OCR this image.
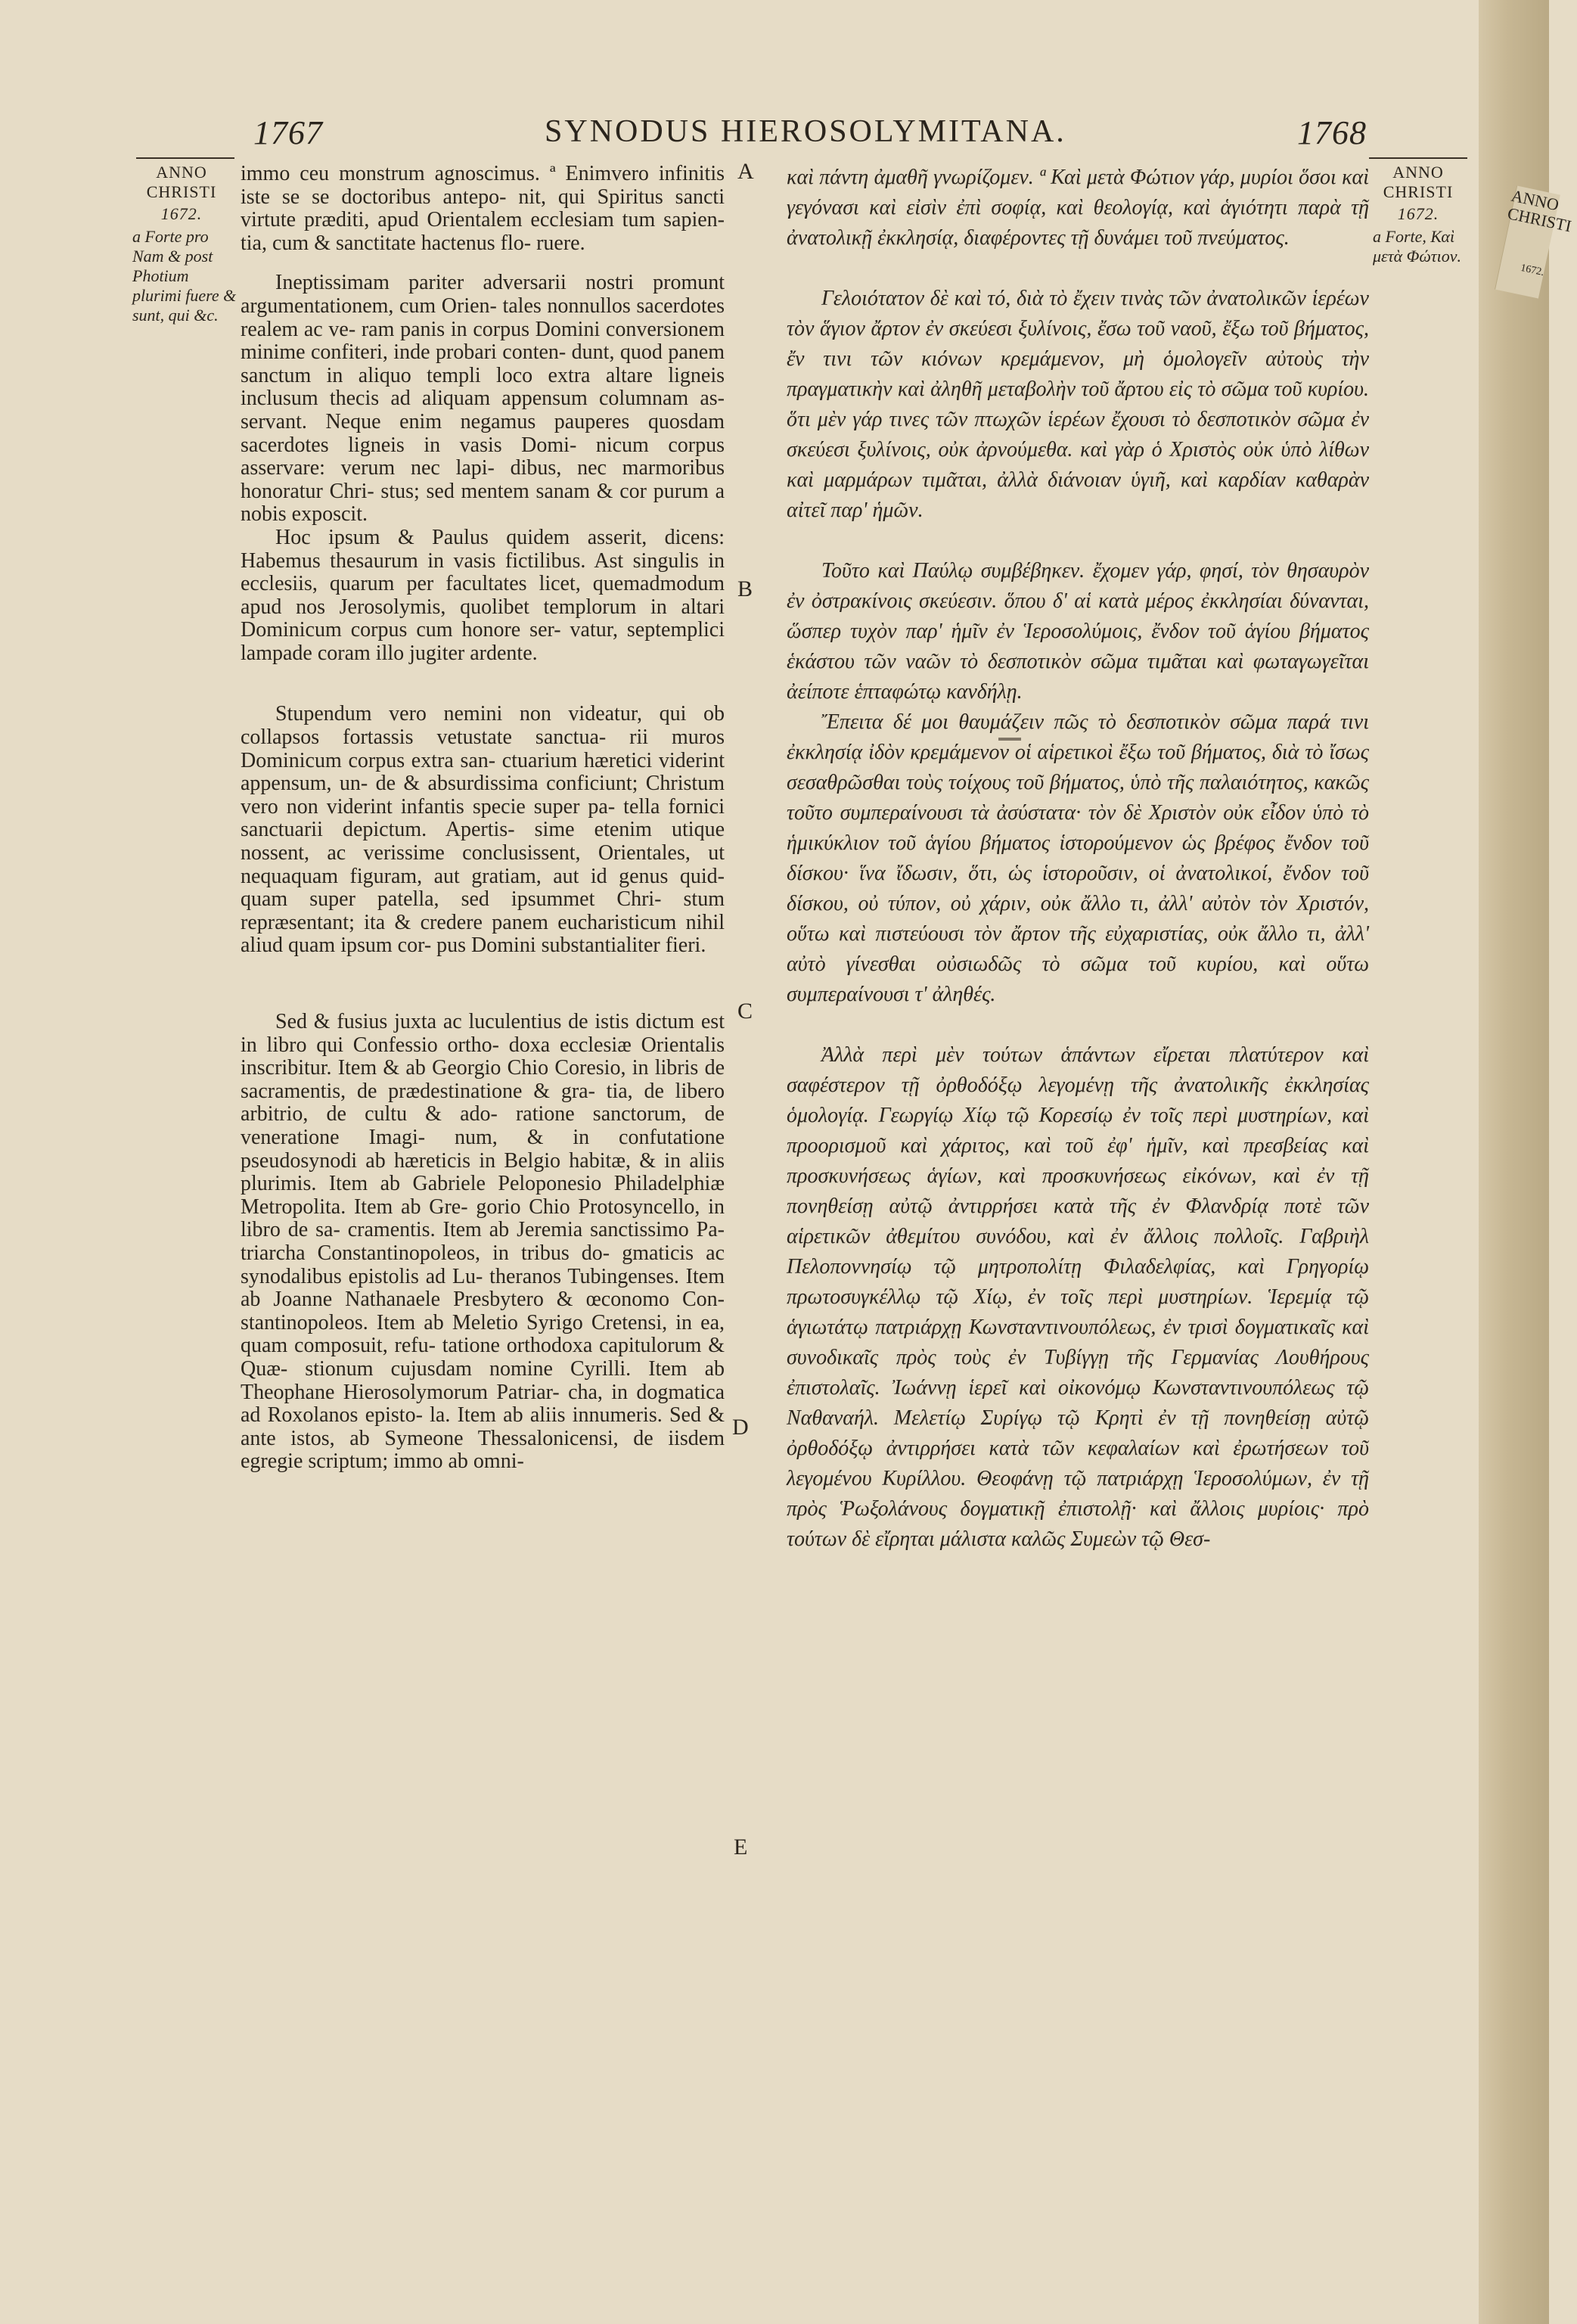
ANNO CHRISTI
1672.
1767	SYNODUS HIEROSOLYMITANA.	1768
ANNO CHRISTI
1672.
a Forte pro Nam & post Photium plurimi fuere & sunt, qui &c.
ANNO CHRISTI
1672.
a Forte, Καὶ μετὰ Φώτιον.
A
B
C
D
E

immo ceu monstrum agnoscimus. ª Enimvero infinitis iste se se doctoribus antepo- nit, qui Spiritus sancti virtute præditi, apud Orientalem ecclesiam tum sapien- tia, cum & sanctitate hactenus flo- ruere.

Ineptissimam pariter adversarii nostri promunt argumentationem, cum Orien- tales nonnullos sacerdotes realem ac ve- ram panis in corpus Domini conversionem minime confiteri, inde probari conten- dunt, quod panem sanctum in aliquo templi loco extra altare ligneis inclusum thecis ad aliquam appensum columnam as- servant. Neque enim negamus pauperes quosdam sacerdotes ligneis in vasis Domi- nicum corpus asservare: verum nec lapi- dibus, nec marmoribus honoratur Chri- stus; sed mentem sanam & cor purum a nobis exposcit.

Hoc ipsum & Paulus quidem asserit, dicens: Habemus thesaurum in vasis fictilibus. Ast singulis in ecclesiis, quarum per facultates licet, quemadmodum apud nos Jerosolymis, quolibet templorum in altari Dominicum corpus cum honore ser- vatur, septemplici lampade coram illo jugiter ardente.

Stupendum vero nemini non videatur, qui ob collapsos fortassis vetustate sanctua- rii muros Dominicum corpus extra san- ctuarium hæretici viderint appensum, un- de & absurdissima conficiunt; Christum vero non viderint infantis specie super pa- tella fornici sanctuarii depictum. Apertis- sime etenim utique nossent, ac verissime conclusissent, Orientales, ut nequaquam figuram, aut gratiam, aut id genus quid- quam super patella, sed ipsummet Chri- stum repræsentant; ita & credere panem eucharisticum nihil aliud quam ipsum cor- pus Domini substantialiter fieri.

Sed & fusius juxta ac luculentius de istis dictum est in libro qui Confessio ortho- doxa ecclesiæ Orientalis inscribitur. Item & ab Georgio Chio Coresio, in libris de sacramentis, de prædestinatione & gra- tia, de libero arbitrio, de cultu & ado- ratione sanctorum, de veneratione Imagi- num, & in confutatione pseudosynodi ab hæreticis in Belgio habitæ, & in aliis plurimis. Item ab Gabriele Peloponesio Philadelphiæ Metropolita. Item ab Gre- gorio Chio Protosyncello, in libro de sa- cramentis. Item ab Jeremia sanctissimo Pa- triarcha Constantinopoleos, in tribus do- gmaticis ac synodalibus epistolis ad Lu- theranos Tubingenses. Item ab Joanne Nathanaele Presbytero & œconomo Con- stantinopoleos. Item ab Meletio Syrigo Cretensi, in ea, quam composuit, refu- tatione orthodoxa capitulorum & Quæ- stionum cujusdam nomine Cyrilli. Item ab Theophane Hierosolymorum Patriar- cha, in dogmatica ad Roxolanos episto- la. Item ab aliis innumeris. Sed & ante istos, ab Symeone Thessalonicensi, de iisdem egregie scriptum; immo ab omni-

καὶ πάντη ἀμαθῆ γνωρίζομεν. ª Καὶ μετὰ Φώτιον γάρ, μυρίοι ὅσοι καὶ γεγόνασι καὶ εἰσὶν ἐπὶ σοφίᾳ, καὶ θεολογίᾳ, καὶ ἁγιότητι παρὰ τῇ ἀνατολικῇ ἐκκλησίᾳ, διαφέροντες τῇ δυνάμει τοῦ πνεύματος.

Γελοιότατον δὲ καὶ τό, διὰ τὸ ἔχειν τινὰς τῶν ἀνατολικῶν ἱερέων τὸν ἅγιον ἄρτον ἐν σκεύεσι ξυλίνοις, ἔσω τοῦ ναοῦ, ἔξω τοῦ βήματος, ἔν τινι τῶν κιόνων κρεμάμενον, μὴ ὁμολογεῖν αὐτοὺς τὴν πραγματικὴν καὶ ἀληθῆ μεταβολὴν τοῦ ἄρτου εἰς τὸ σῶμα τοῦ κυρίου. ὅτι μὲν γάρ τινες τῶν πτωχῶν ἱερέων ἔχουσι τὸ δεσποτικὸν σῶμα ἐν σκεύεσι ξυλίνοις, οὐκ ἀρνούμεθα. καὶ γὰρ ὁ Χριστὸς οὐκ ὑπὸ λίθων καὶ μαρμάρων τιμᾶται, ἀλλὰ διάνοιαν ὑγιῆ, καὶ καρδίαν καθαρὰν αἰτεῖ παρ' ἡμῶν.

Τοῦτο καὶ Παύλῳ συμβέβηκεν. ἔχομεν γάρ, φησί, τὸν θησαυρὸν ἐν ὀστρακίνοις σκεύεσιν. ὅπου δ' αἱ κατὰ μέρος ἐκκλησίαι δύνανται, ὥσπερ τυχὸν παρ' ἡμῖν ἐν Ἱεροσολύμοις, ἔνδον τοῦ ἁγίου βήματος ἑκάστου τῶν ναῶν τὸ δεσποτικὸν σῶμα τιμᾶται καὶ φωταγωγεῖται ἀείποτε ἑπταφώτῳ κανδήλῃ.

Ἔπειτα δέ μοι θαυμάζειν πῶς τὸ δεσποτικὸν σῶμα παρά τινι ἐκκλησίᾳ ἰδὸν κρεμάμενον οἱ αἱρετικοὶ ἔξω τοῦ βήματος, διὰ τὸ ἴσως σεσαθρῶσθαι τοὺς τοίχους τοῦ βήματος, ὑπὸ τῆς παλαιότητος, κακῶς τοῦτο συμπεραίνουσι τὰ ἀσύστατα· τὸν δὲ Χριστὸν οὐκ εἶδον ὑπὸ τὸ ἡμικύκλιον τοῦ ἁγίου βήματος ἱστορούμενον ὡς βρέφος ἔνδον τοῦ δίσκου· ἵνα ἴδωσιν, ὅτι, ὡς ἱστοροῦσιν, οἱ ἀνατολικοί, ἔνδον τοῦ δίσκου, οὐ τύπον, οὐ χάριν, οὐκ ἄλλο τι, ἀλλ' αὐτὸν τὸν Χριστόν, οὕτω καὶ πιστεύουσι τὸν ἄρτον τῆς εὐχαριστίας, οὐκ ἄλλο τι, ἀλλ' αὐτὸ γίνεσθαι οὐσιωδῶς τὸ σῶμα τοῦ κυρίου, καὶ οὕτω συμπεραίνουσι τ' ἀληθές.

Ἀλλὰ περὶ μὲν τούτων ἁπάντων εἴρεται πλατύτερον καὶ σαφέστερον τῇ ὀρθοδόξῳ λεγομένῃ τῆς ἀνατολικῆς ἐκκλησίας ὁμολογίᾳ. Γεωργίῳ Χίῳ τῷ Κορεσίῳ ἐν τοῖς περὶ μυστηρίων, καὶ προορισμοῦ καὶ χάριτος, καὶ τοῦ ἐφ' ἡμῖν, καὶ πρεσβείας καὶ προσκυνήσεως ἁγίων, καὶ προσκυνήσεως εἰκόνων, καὶ ἐν τῇ πονηθείσῃ αὐτῷ ἀντιρρήσει κατὰ τῆς ἐν Φλανδρίᾳ ποτὲ τῶν αἱρετικῶν ἀθεμίτου συνόδου, καὶ ἐν ἄλλοις πολλοῖς. Γαβριὴλ Πελοποννησίῳ τῷ μητροπολίτῃ Φιλαδελφίας, καὶ Γρηγορίῳ πρωτοσυγκέλλῳ τῷ Χίῳ, ἐν τοῖς περὶ μυστηρίων. Ἱερεμίᾳ τῷ ἁγιωτάτῳ πατριάρχῃ Κωνσταντινουπόλεως, ἐν τρισὶ δογματικαῖς καὶ συνοδικαῖς πρὸς τοὺς ἐν Τυβίγγῃ τῆς Γερμανίας Λουθήρους ἐπιστολαῖς. Ἰωάννῃ ἱερεῖ καὶ οἰκονόμῳ Κωνσταντινουπόλεως τῷ Ναθαναήλ. Μελετίῳ Συρίγῳ τῷ Κρητὶ ἐν τῇ πονηθείσῃ αὐτῷ ὀρθοδόξῳ ἀντιρρήσει κατὰ τῶν κεφαλαίων καὶ ἐρωτήσεων τοῦ λεγομένου Κυρίλλου. Θεοφάνῃ τῷ πατριάρχῃ Ἱεροσολύμων, ἐν τῇ πρὸς Ῥωξολάνους δογματικῇ ἐπιστολῇ· καὶ ἄλλοις μυρίοις· πρὸ τούτων δὲ εἴρηται μάλιστα καλῶς Συμεὼν τῷ Θεσ-
